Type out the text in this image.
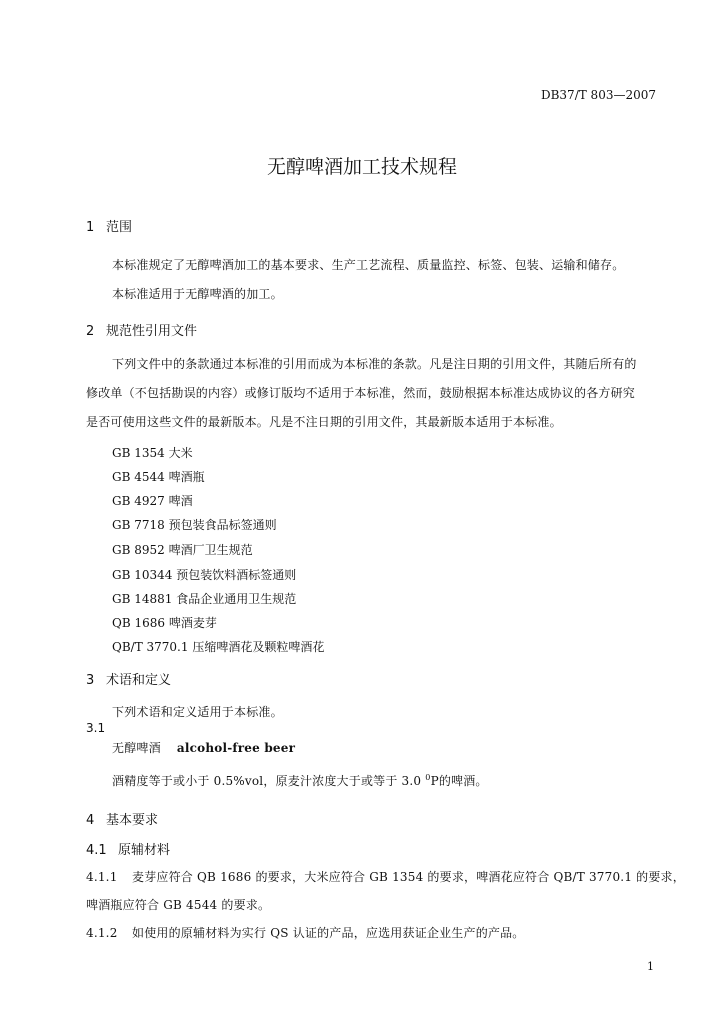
DB37/T 803—2007
无醇啤酒加工技术规程
1 范围
本标准规定了无醇啤酒加工的基本要求、生产工艺流程、质量监控、标签、包装、运输和储存。
本标准适用于无醇啤酒的加工。
2 规范性引用文件
下列文件中的条款通过本标准的引用而成为本标准的条款。凡是注日期的引用文件，其随后所有的
修改单（不包括勘误的内容）或修订版均不适用于本标准，然而，鼓励根据本标准达成协议的各方研究
是否可使用这些文件的最新版本。凡是不注日期的引用文件，其最新版本适用于本标准。
GB 1354 大米
GB 4544 啤酒瓶
GB 4927 啤酒
GB 7718 预包装食品标签通则
GB 8952 啤酒厂卫生规范
GB 10344 预包装饮料酒标签通则
GB 14881 食品企业通用卫生规范
QB 1686 啤酒麦芽
QB/T 3770.1 压缩啤酒花及颗粒啤酒花
3 术语和定义
下列术语和定义适用于本标准。
3.1
无醇啤酒 alcohol-free beer
酒精度等于或小于 0.5%vol，原麦汁浓度大于或等于 3.0 $^0$P的啤酒。
4 基本要求
4.1 原辅材料
4.1.1 麦芽应符合 QB 1686 的要求，大米应符合 GB 1354 的要求，啤酒花应符合 QB/T 3770.1 的要求，
啤酒瓶应符合 GB 4544 的要求。
4.1.2 如使用的原辅材料为实行 QS 认证的产品，应选用获证企业生产的产品。
1
